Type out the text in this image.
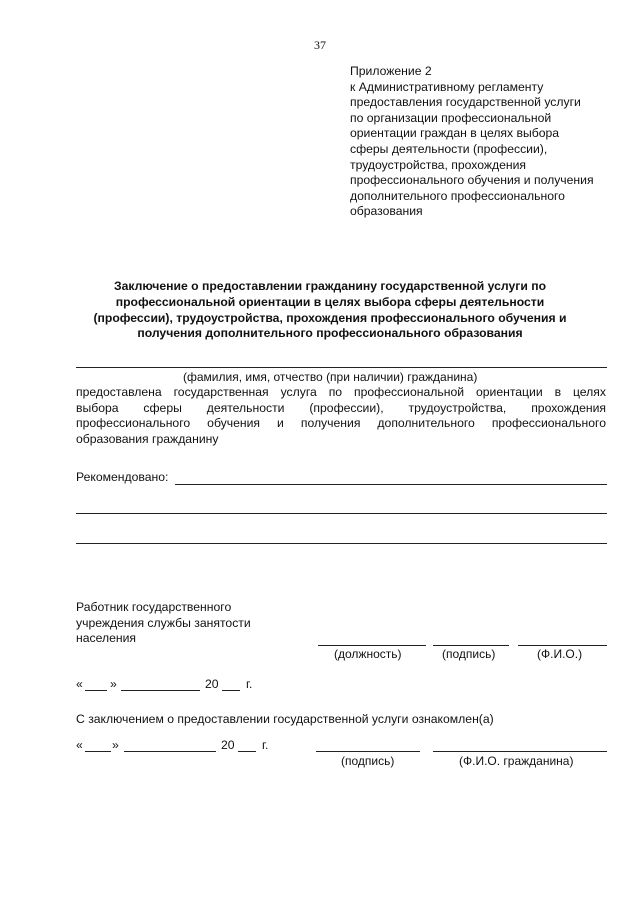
37
Приложение 2
к Административному регламенту
предоставления государственной услуги
по организации профессиональной
ориентации граждан в целях выбора
сферы деятельности (профессии),
трудоустройства, прохождения
профессионального обучения и получения
дополнительного профессионального
образования
Заключение о предоставлении гражданину государственной услуги по
профессиональной ориентации в целях выбора сферы деятельности
(профессии), трудоустройства, прохождения профессионального обучения и
получения дополнительного профессионального образования
(фамилия, имя, отчество (при наличии) гражданина)
предоставлена государственная услуга по профессиональной ориентации в целях
выбора сферы деятельности (профессии), трудоустройства, прохождения
профессионального обучения и получения дополнительного профессионального
образования гражданину
Рекомендовано:
Работник государственного
учреждения службы занятости
населения
(должность)	(подпись)	(Ф.И.О.)
« »	20 г.
С заключением о предоставлении государственной услуги ознакомлен(а)
« »	20 г.
(подпись)	(Ф.И.О. гражданина)
